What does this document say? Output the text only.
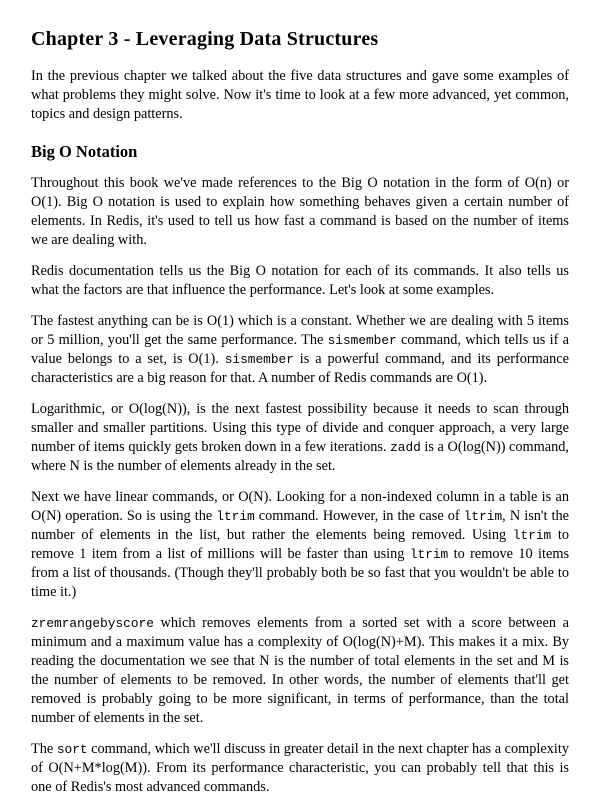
Chapter 3 - Leveraging Data Structures

In the previous chapter we talked about the five data structures and gave some examples of what problems they might solve. Now it's time to look at a few more advanced, yet common, topics and design patterns.

Big O Notation

Throughout this book we've made references to the Big O notation in the form of O(n) or O(1). Big O notation is used to explain how something behaves given a certain number of elements. In Redis, it's used to tell us how fast a command is based on the number of items we are dealing with.

Redis documentation tells us the Big O notation for each of its commands. It also tells us what the factors are that influence the performance. Let's look at some examples.

The fastest anything can be is O(1) which is a constant. Whether we are dealing with 5 items or 5 million, you'll get the same performance. The sismember command, which tells us if a value belongs to a set, is O(1). sismember is a powerful command, and its performance characteristics are a big reason for that. A number of Redis commands are O(1).

Logarithmic, or O(log(N)), is the next fastest possibility because it needs to scan through smaller and smaller partitions. Using this type of divide and conquer approach, a very large number of items quickly gets broken down in a few iterations. zadd is a O(log(N)) command, where N is the number of elements already in the set.

Next we have linear commands, or O(N). Looking for a non-indexed column in a table is an O(N) operation. So is using the ltrim command. However, in the case of ltrim, N isn't the number of elements in the list, but rather the elements being removed. Using ltrim to remove 1 item from a list of millions will be faster than using ltrim to remove 10 items from a list of thousands. (Though they'll probably both be so fast that you wouldn't be able to time it.)

zremrangebyscore which removes elements from a sorted set with a score between a minimum and a maximum value has a complexity of O(log(N)+M). This makes it a mix. By reading the documentation we see that N is the number of total elements in the set and M is the number of elements to be removed. In other words, the number of elements that'll get removed is probably going to be more significant, in terms of performance, than the total number of elements in the set.

The sort command, which we'll discuss in greater detail in the next chapter has a complexity of O(N+M*log(M)). From its performance characteristic, you can probably tell that this is one of Redis's most advanced commands.
